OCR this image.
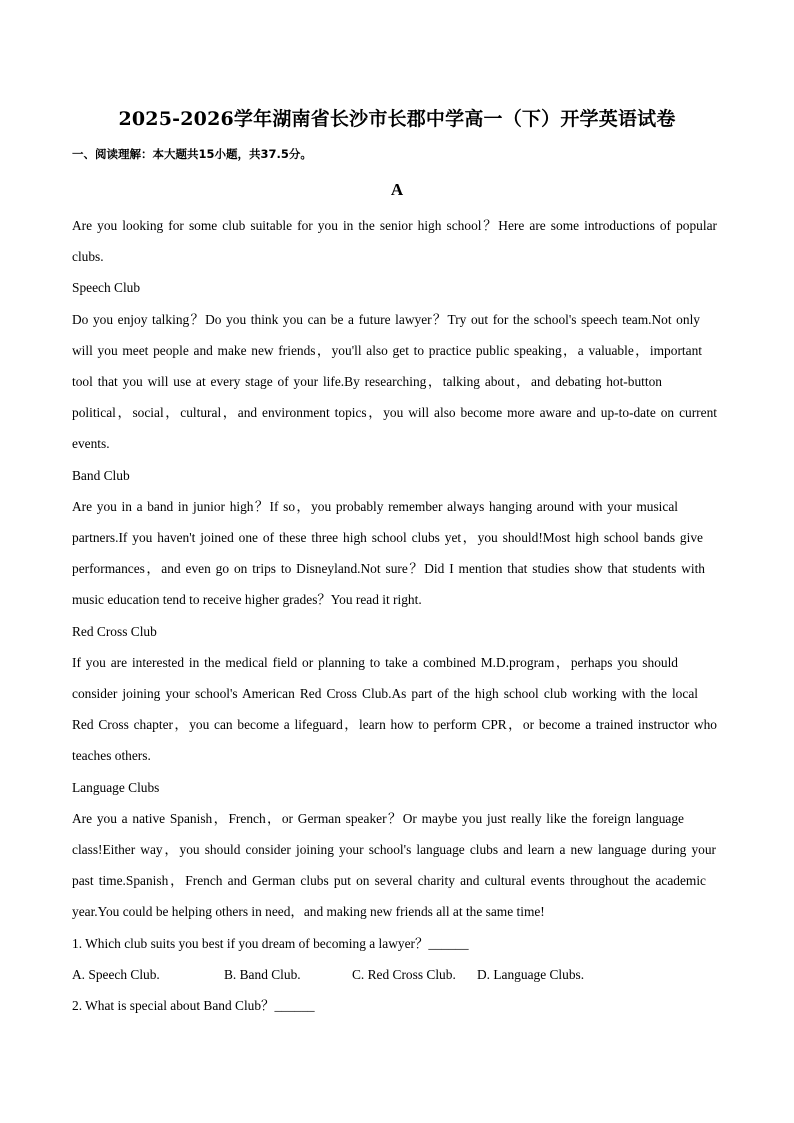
2025-2026学年湖南省长沙市长郡中学高一（下）开学英语试卷
一、阅读理解：本大题共15小题，共37.5分。
A
Are you looking for some club suitable for you in the senior high school？Here are some introductions of popular
clubs.
Speech Club
Do you enjoy talking？Do you think you can be a future lawyer？Try out for the school's speech team.Not only
will you meet people and make new friends，you'll also get to practice public speaking，a valuable，important
tool that you will use at every stage of your life.By researching，talking about，and debating hot-button
political，social，cultural，and environment topics，you will also become more aware and up-to-date on current
events.
Band Club
Are you in a band in junior high？If so，you probably remember always hanging around with your musical
partners.If you haven't joined one of these three high school clubs yet，you should!Most high school bands give
performances，and even go on trips to Disneyland.Not sure？Did I mention that studies show that students with
music education tend to receive higher grades？You read it right.
Red Cross Club
If you are interested in the medical field or planning to take a combined M.D.program，perhaps you should
consider joining your school's American Red Cross Club.As part of the high school club working with the local
Red Cross chapter，you can become a lifeguard，learn how to perform CPR，or become a trained instructor who
teaches others.
Language Clubs
Are you a native Spanish，French，or German speaker？Or maybe you just really like the foreign language
class!Either way，you should consider joining your school's language clubs and learn a new language during your
past time.Spanish，French and German clubs put on several charity and cultural events throughout the academic
year.You could be helping others in need，and making new friends all at the same time!
1. Which club suits you best if you dream of becoming a lawyer？______
A. Speech Club.	B. Band Club.	C. Red Cross Club. D. Language Clubs.
2. What is special about Band Club？______
